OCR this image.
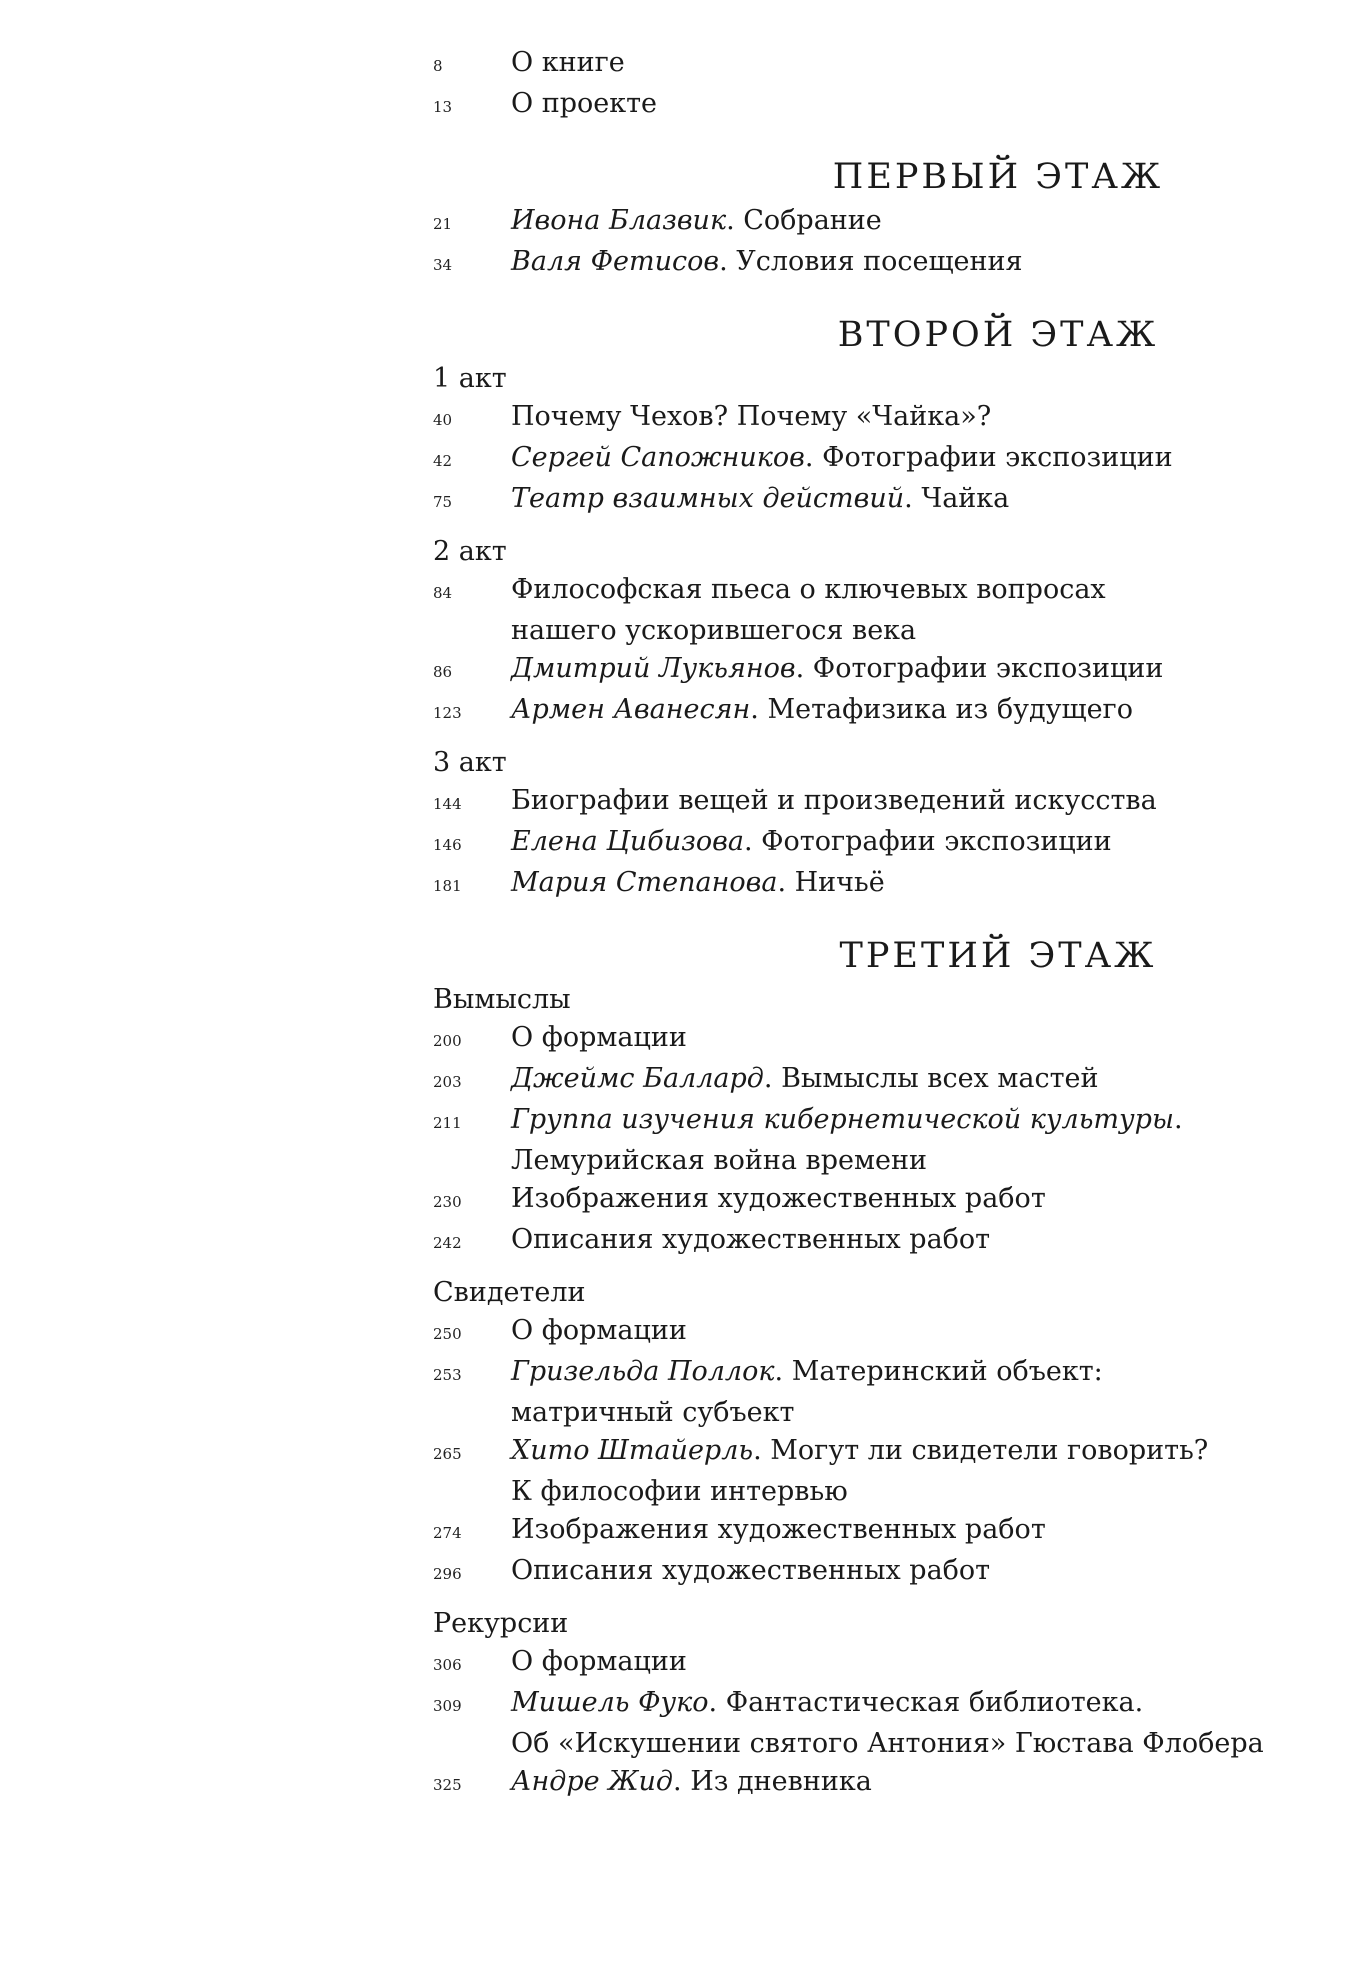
8	О книге
13	О проекте
ПЕРВЫЙ ЭТАЖ
21	Ивона Блазвик. Собрание
34	Валя Фетисов. Условия посещения
ВТОРОЙ ЭТАЖ
1 акт
40	Почему Чехов? Почему «Чайка»?
42	Сергей Сапожников. Фотографии экспозиции
75	Театр взаимных действий. Чайка
2 акт
84	Философская пьеса о ключевых вопросах
нашего ускорившегося века
86	Дмитрий Лукьянов. Фотографии экспозиции
123	Армен Аванесян. Метафизика из будущего
3 акт
144	Биографии вещей и произведений искусства
146	Елена Цибизова. Фотографии экспозиции
181	Мария Степанова. Ничьё
ТРЕТИЙ ЭТАЖ
Вымыслы
200	О формации
203	Джеймс Баллард. Вымыслы всех мастей
211	Группа изучения кибернетической культуры.
Лемурийская война времени
230	Изображения художественных работ
242	Описания художественных работ
Свидетели
250	О формации
253	Гризельда Поллок. Материнский объект:
матричный субъект
265	Хито Штайерль. Могут ли свидетели говорить?
К философии интервью
274	Изображения художественных работ
296	Описания художественных работ
Рекурсии
306	О формации
309	Мишель Фуко. Фантастическая библиотека.
Об «Искушении святого Антония» Гюстава Флобера
325	Андре Жид. Из дневника
